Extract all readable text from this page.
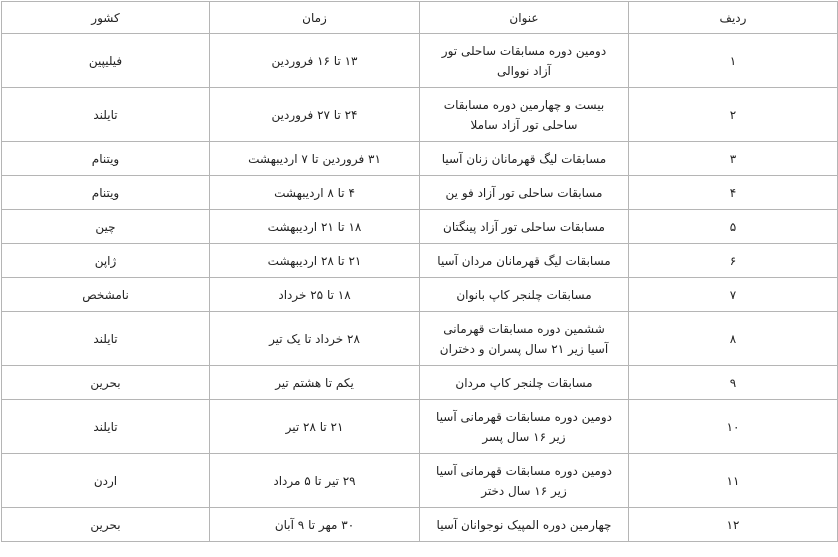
ردیف	عنوان	زمان	کشور
۱	دومین دوره مسابقات ساحلی تور آزاد نووالی	۱۳ تا ۱۶ فروردین	فیلیپین
۲	بیست و چهارمین دوره مسابقات ساحلی تور آزاد ساملا	۲۴ تا ۲۷ فروردین	تایلند
۳	مسابقات لیگ قهرمانان زنان آسیا	۳۱ فروردین تا ۷ اردیبهشت	ویتنام
۴	مسابقات ساحلی تور آزاد فو ین	۴ تا ۸ اردیبهشت	ویتنام
۵	مسابقات ساحلی تور آزاد پینگتان	۱۸ تا ۲۱ اردیبهشت	چین
۶	مسابقات لیگ قهرمانان مردان آسیا	۲۱ تا ۲۸ اردیبهشت	ژاپن
۷	مسابقات چلنجر کاپ بانوان	۱۸ تا ۲۵ خرداد	نامشخص
۸	ششمین دوره مسابقات قهرمانی آسیا زیر ۲۱ سال پسران و دختران	۲۸ خرداد تا یک تیر	تایلند
۹	مسابقات چلنجر کاپ مردان	یکم تا هشتم تیر	بحرین
۱۰	دومین دوره مسابقات قهرمانی آسیا زیر ۱۶ سال پسر	۲۱ تا ۲۸ تیر	تایلند
۱۱	دومین دوره مسابقات قهرمانی آسیا زیر ۱۶ سال دختر	۲۹ تیر تا ۵ مرداد	اردن
۱۲	چهارمین دوره المپیک نوجوانان آسیا	۳۰ مهر تا ۹ آبان	بحرین
